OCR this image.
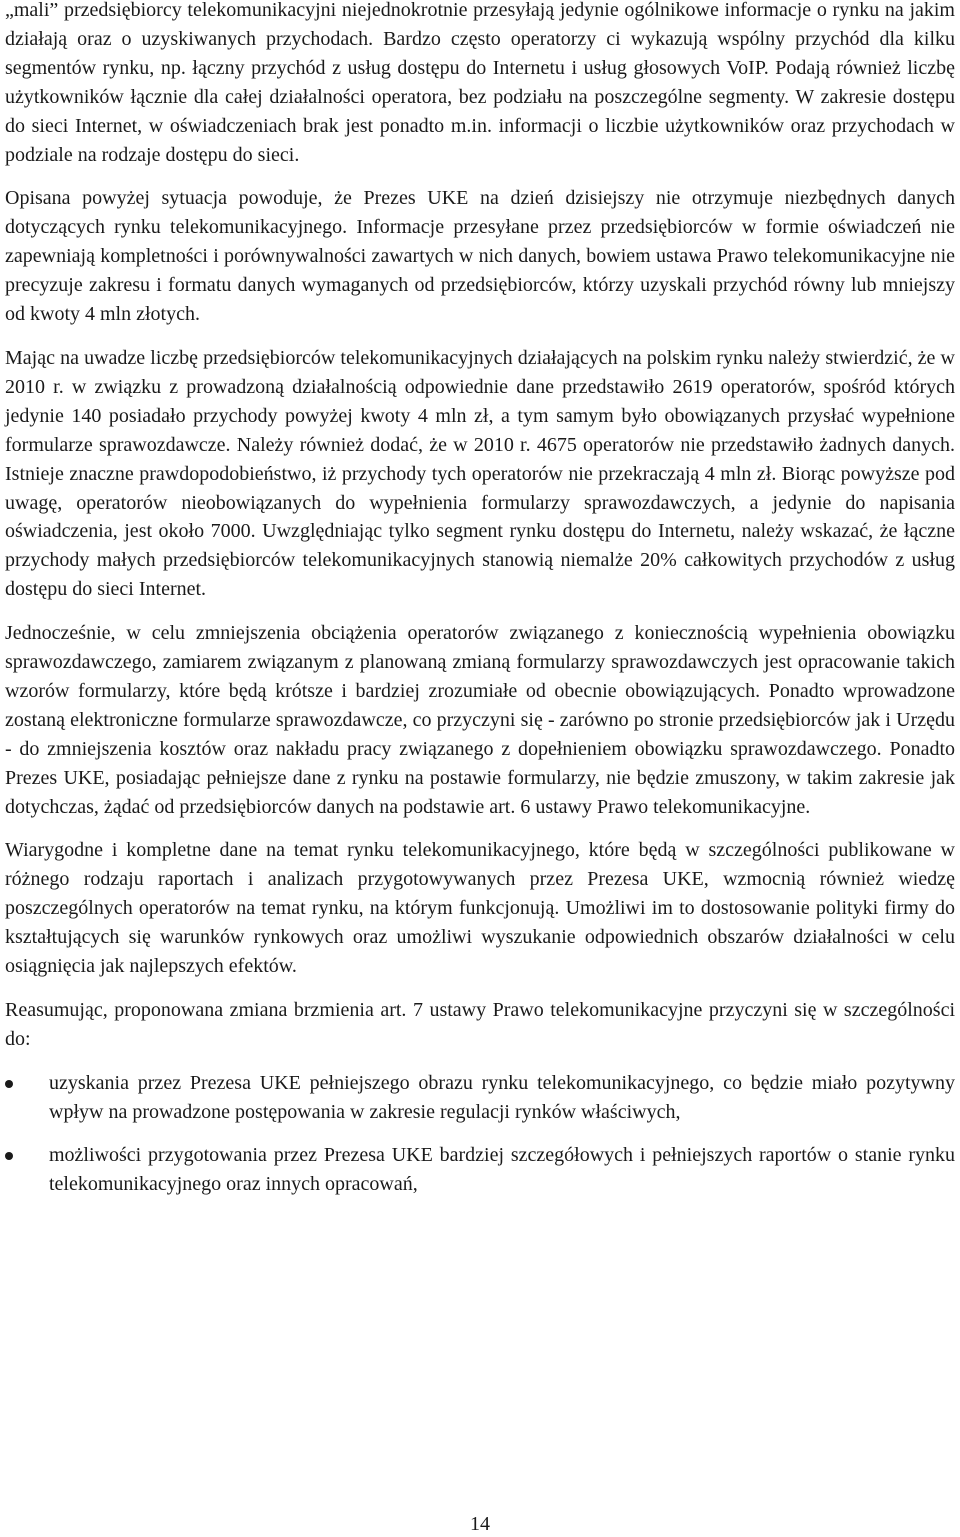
„mali” przedsiębiorcy telekomunikacyjni niejednokrotnie przesyłają jedynie ogólnikowe informacje o rynku na jakim działają oraz o uzyskiwanych przychodach. Bardzo często operatorzy ci wykazują wspólny przychód dla kilku segmentów rynku, np. łączny przychód z usług dostępu do Internetu i usług głosowych VoIP. Podają również liczbę użytkowników łącznie dla całej działalności operatora, bez podziału na poszczególne segmenty. W zakresie dostępu do sieci Internet, w oświadczeniach brak jest ponadto m.in. informacji o liczbie użytkowników oraz przychodach w podziale na rodzaje dostępu do sieci.

Opisana powyżej sytuacja powoduje, że Prezes UKE na dzień dzisiejszy nie otrzymuje niezbędnych danych dotyczących rynku telekomunikacyjnego. Informacje przesyłane przez przedsiębiorców w formie oświadczeń nie zapewniają kompletności i porównywalności zawartych w nich danych, bowiem ustawa Prawo telekomunikacyjne nie precyzuje zakresu i formatu danych wymaganych od przedsiębiorców, którzy uzyskali przychód równy lub mniejszy od kwoty 4 mln złotych.

Mając na uwadze liczbę przedsiębiorców telekomunikacyjnych działających na polskim rynku należy stwierdzić, że w 2010 r. w związku z prowadzoną działalnością odpowiednie dane przedstawiło 2619 operatorów, spośród których jedynie 140 posiadało przychody powyżej kwoty 4 mln zł, a tym samym było obowiązanych przysłać wypełnione formularze sprawozdawcze. Należy również dodać, że w 2010 r. 4675 operatorów nie przedstawiło żadnych danych. Istnieje znaczne prawdopodobieństwo, iż przychody tych operatorów nie przekraczają 4 mln zł. Biorąc powyższe pod uwagę, operatorów nieobowiązanych do wypełnienia formularzy sprawozdawczych, a jedynie do napisania oświadczenia, jest około 7000. Uwzględniając tylko segment rynku dostępu do Internetu, należy wskazać, że łączne przychody małych przedsiębiorców telekomunikacyjnych stanowią niemalże 20% całkowitych przychodów z usług dostępu do sieci Internet.

Jednocześnie, w celu zmniejszenia obciążenia operatorów związanego z koniecznością wypełnienia obowiązku sprawozdawczego, zamiarem związanym z planowaną zmianą formularzy sprawozdawczych jest opracowanie takich wzorów formularzy, które będą krótsze i bardziej zrozumiałe od obecnie obowiązujących. Ponadto wprowadzone zostaną elektroniczne formularze sprawozdawcze, co przyczyni się - zarówno po stronie przedsiębiorców jak i Urzędu - do zmniejszenia kosztów oraz nakładu pracy związanego z dopełnieniem obowiązku sprawozdawczego. Ponadto Prezes UKE, posiadając pełniejsze dane z rynku na postawie formularzy, nie będzie zmuszony, w takim zakresie jak dotychczas, żądać od przedsiębiorców danych na podstawie art. 6 ustawy Prawo telekomunikacyjne.

Wiarygodne i kompletne dane na temat rynku telekomunikacyjnego, które będą w szczególności publikowane w różnego rodzaju raportach i analizach przygotowywanych przez Prezesa UKE, wzmocnią również wiedzę poszczególnych operatorów na temat rynku, na którym funkcjonują. Umożliwi im to dostosowanie polityki firmy do kształtujących się warunków rynkowych oraz umożliwi wyszukanie odpowiednich obszarów działalności w celu osiągnięcia jak najlepszych efektów.

Reasumując, proponowana zmiana brzmienia art. 7 ustawy Prawo telekomunikacyjne przyczyni się w szczególności do:

uzyskania przez Prezesa UKE pełniejszego obrazu rynku telekomunikacyjnego, co będzie miało pozytywny wpływ na prowadzone postępowania w zakresie regulacji rynków właściwych,
możliwości przygotowania przez Prezesa UKE bardziej szczegółowych i pełniejszych raportów o stanie rynku telekomunikacyjnego oraz innych opracowań,
14
